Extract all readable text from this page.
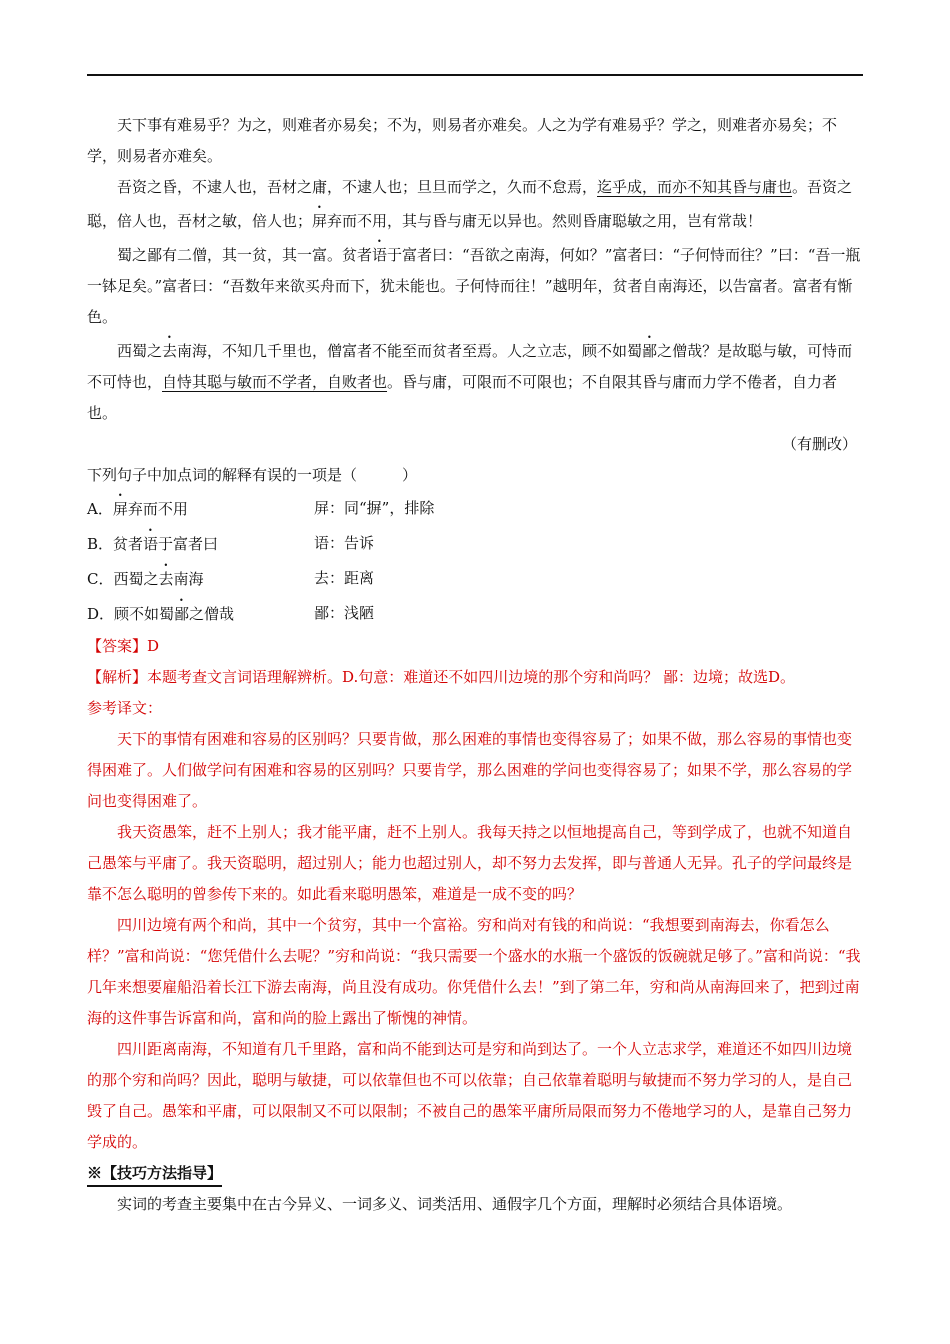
天下事有难易乎？为之，则难者亦易矣；不为，则易者亦难矣。人之为学有难易乎？学之，则难者亦易矣；不学，则易者亦难矣。

吾资之昏，不逮人也，吾材之庸，不逮人也；旦旦而学之，久而不怠焉，迄乎成，而亦不知其昏与庸也。吾资之聪，倍人也，吾材之敏，倍人也；屏弃而不用，其与昏与庸无以异也。然则昏庸聪敏之用，岂有常哉！

蜀之鄙有二僧，其一贫，其一富。贫者语于富者曰：“吾欲之南海，何如？”富者曰：“子何恃而往？”曰：“吾一瓶一钵足矣。”富者曰：“吾数年来欲买舟而下，犹未能也。子何恃而往！”越明年，贫者自南海还，以告富者。富者有惭色。

西蜀之去南海，不知几千里也，僧富者不能至而贫者至焉。人之立志，顾不如蜀鄙之僧哉？是故聪与敏，可恃而不可恃也，自恃其聪与敏而不学者，自败者也。昏与庸，可限而不可限也；不自限其昏与庸而力学不倦者，自力者也。

（有删改）

下列句子中加点词的解释有误的一项是（　　　）

A．屏弃而不用	屏：同“摒”，排除
B．贫者语于富者曰	语：告诉
C．西蜀之去南海	去：距离
D．顾不如蜀鄙之僧哉	鄙：浅陋

【答案】D

【解析】本题考查文言词语理解辨析。D.句意：难道还不如四川边境的那个穷和尚吗？ 鄙：边境；故选D。

参考译文：

天下的事情有困难和容易的区别吗？只要肯做，那么困难的事情也变得容易了；如果不做，那么容易的事情也变得困难了。人们做学问有困难和容易的区别吗？只要肯学，那么困难的学问也变得容易了；如果不学，那么容易的学问也变得困难了。

我天资愚笨，赶不上别人；我才能平庸，赶不上别人。我每天持之以恒地提高自己，等到学成了，也就不知道自己愚笨与平庸了。我天资聪明，超过别人；能力也超过别人，却不努力去发挥，即与普通人无异。孔子的学问最终是靠不怎么聪明的曾参传下来的。如此看来聪明愚笨，难道是一成不变的吗？

四川边境有两个和尚，其中一个贫穷，其中一个富裕。穷和尚对有钱的和尚说：“我想要到南海去，你看怎么样？”富和尚说：“您凭借什么去呢？”穷和尚说：“我只需要一个盛水的水瓶一个盛饭的饭碗就足够了。”富和尚说：“我几年来想要雇船沿着长江下游去南海，尚且没有成功。你凭借什么去！”到了第二年，穷和尚从南海回来了，把到过南海的这件事告诉富和尚，富和尚的脸上露出了惭愧的神情。

四川距离南海，不知道有几千里路，富和尚不能到达可是穷和尚到达了。一个人立志求学，难道还不如四川边境的那个穷和尚吗？因此，聪明与敏捷，可以依靠但也不可以依靠；自己依靠着聪明与敏捷而不努力学习的人，是自己毁了自己。愚笨和平庸，可以限制又不可以限制；不被自己的愚笨平庸所局限而努力不倦地学习的人，是靠自己努力学成的。

※【技巧方法指导】

实词的考查主要集中在古今异义、一词多义、词类活用、通假字几个方面，理解时必须结合具体语境。
